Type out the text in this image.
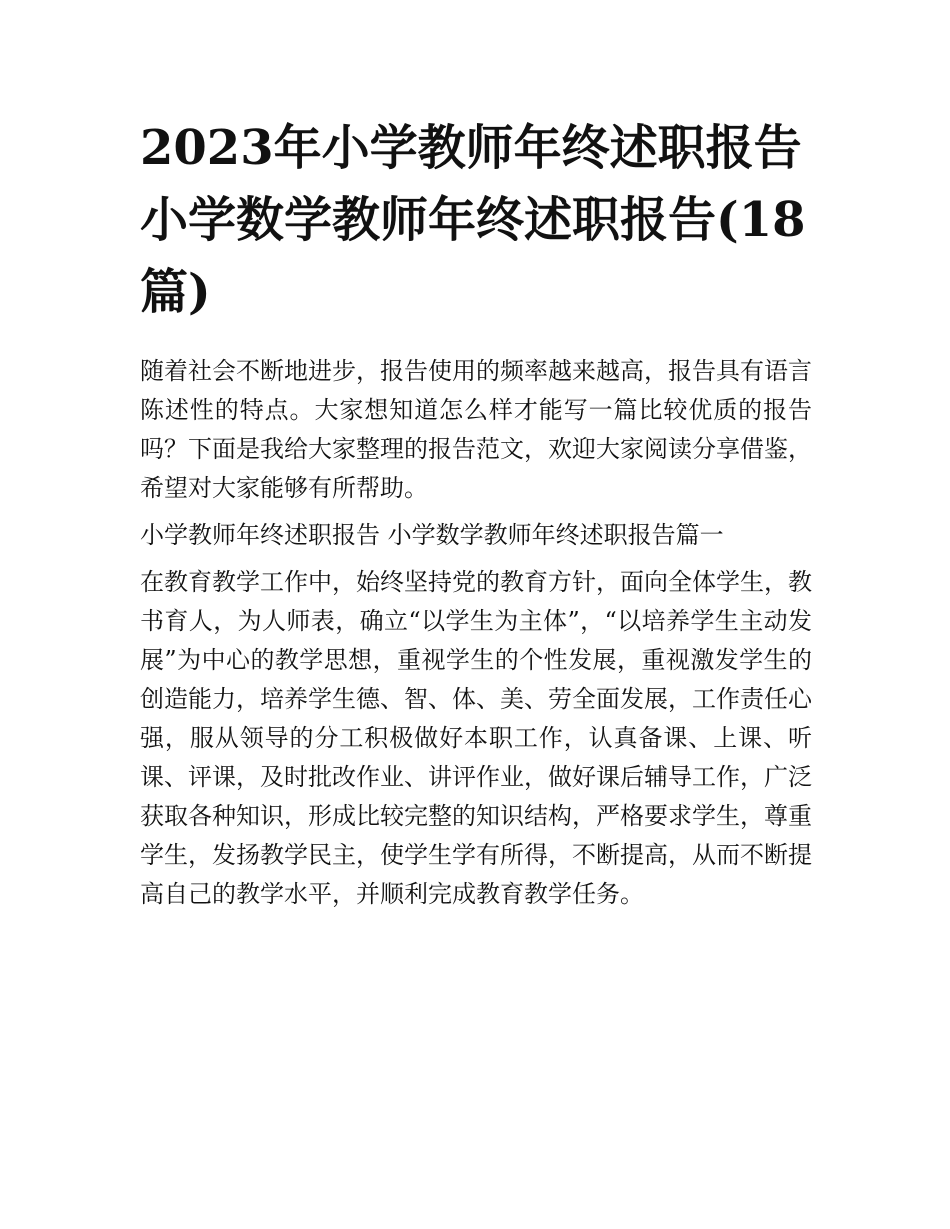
2023年小学教师年终述职报告 小学数学教师年终述职报告(18篇)

随着社会不断地进步，报告使用的频率越来越高，报告具有语言陈述性的特点。大家想知道怎么样才能写一篇比较优质的报告吗？下面是我给大家整理的报告范文，欢迎大家阅读分享借鉴，希望对大家能够有所帮助。

小学教师年终述职报告 小学数学教师年终述职报告篇一

在教育教学工作中，始终坚持党的教育方针，面向全体学生，教书育人，为人师表，确立“以学生为主体”，“以培养学生主动发展”为中心的教学思想，重视学生的个性发展，重视激发学生的创造能力，培养学生德、智、体、美、劳全面发展，工作责任心强，服从领导的分工积极做好本职工作，认真备课、上课、听课、评课，及时批改作业、讲评作业，做好课后辅导工作，广泛获取各种知识，形成比较完整的知识结构，严格要求学生，尊重学生，发扬教学民主，使学生学有所得，不断提高，从而不断提高自己的教学水平，并顺利完成教育教学任务。
